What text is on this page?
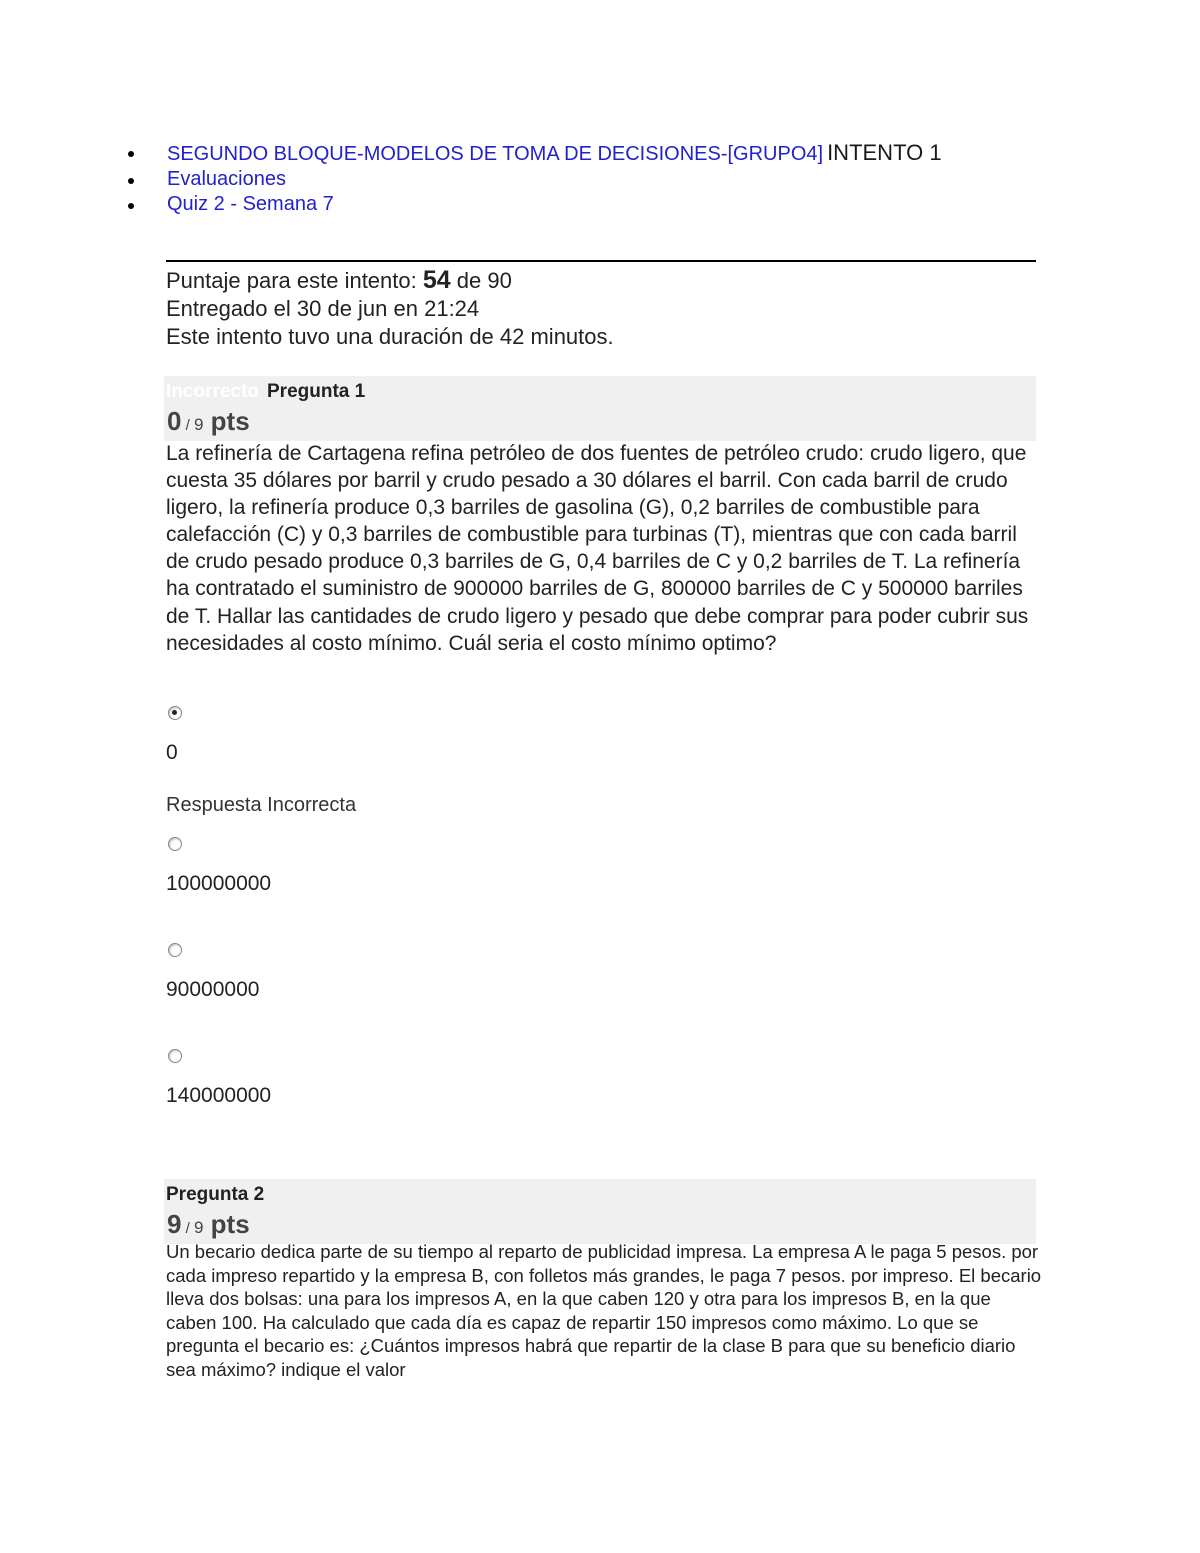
SEGUNDO BLOQUE-MODELOS DE TOMA DE DECISIONES-[GRUPO4] INTENTO 1
Evaluaciones
Quiz 2 - Semana 7
Puntaje para este intento: 54 de 90
Entregado el 30 de jun en 21:24
Este intento tuvo una duración de 42 minutos.
Incorrecto Pregunta 1
0 / 9 pts
La refinería de Cartagena refina petróleo de dos fuentes de petróleo crudo: crudo ligero, que cuesta 35 dólares por barril y crudo pesado a 30 dólares el barril. Con cada barril de crudo ligero, la refinería produce 0,3 barriles de gasolina (G), 0,2 barriles de combustible para calefacción (C) y 0,3 barriles de combustible para turbinas (T), mientras que con cada barril de crudo pesado produce 0,3 barriles de G, 0,4 barriles de C y 0,2 barriles de T. La refinería ha contratado el suministro de 900000 barriles de G, 800000 barriles de C y 500000 barriles de T. Hallar las cantidades de crudo ligero y pesado que debe comprar para poder cubrir sus necesidades al costo mínimo. Cuál seria el costo mínimo optimo?
0
Respuesta Incorrecta
100000000
90000000
140000000
Pregunta 2
9 / 9 pts
Un becario dedica parte de su tiempo al reparto de publicidad impresa. La empresa A le paga 5 pesos. por cada impreso repartido y la empresa B, con folletos más grandes, le paga 7 pesos. por impreso. El becario lleva dos bolsas: una para los impresos A, en la que caben 120 y otra para los impresos B, en la que caben 100. Ha calculado que cada día es capaz de repartir 150 impresos como máximo. Lo que se pregunta el becario es: ¿Cuántos impresos habrá que repartir de la clase B para que su beneficio diario sea máximo? indique el valor
